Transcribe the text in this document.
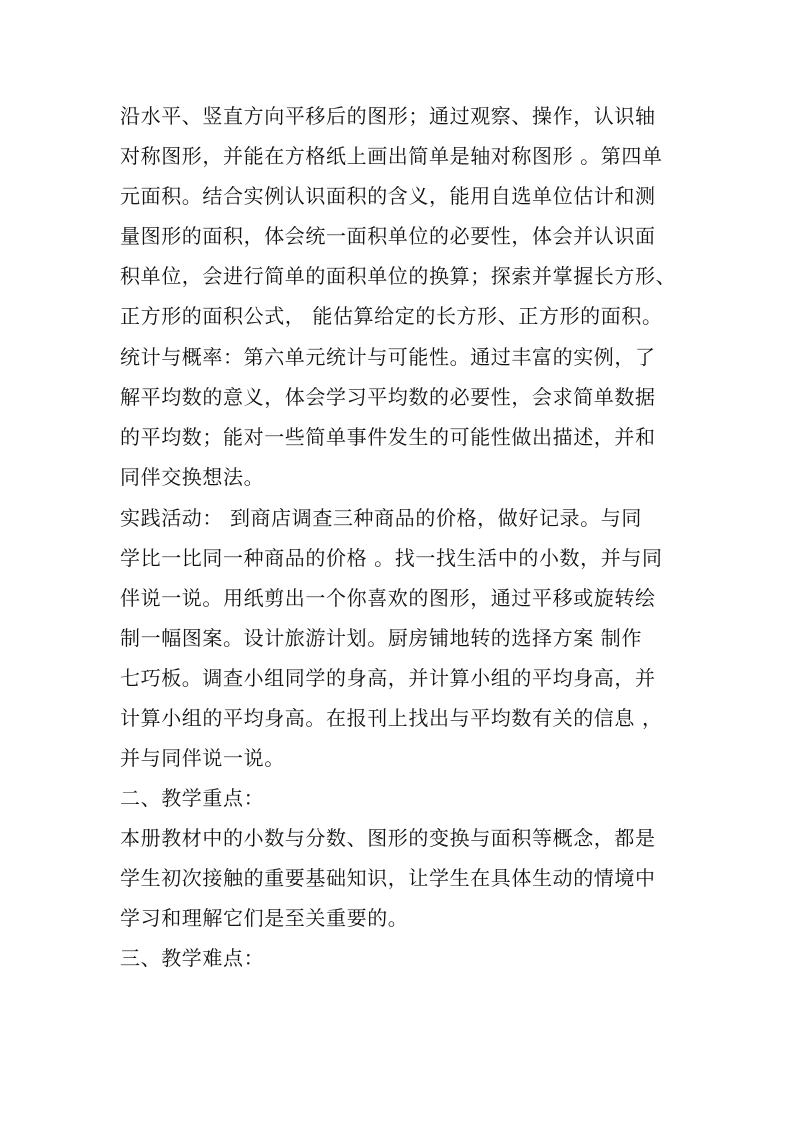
沿水平、竖直方向平移后的图形；通过观察、操作，认识轴
对称图形，并能在方格纸上画出简单是轴对称图形 。第四单
元面积。结合实例认识面积的含义，能用自选单位估计和测
量图形的面积，体会统一面积单位的必要性，体会并认识面
积单位，会进行简单的面积单位的换算；探索并掌握长方形、
正方形的面积公式， 能估算给定的长方形、正方形的面积。
统计与概率：第六单元统计与可能性。通过丰富的实例，了
解平均数的意义，体会学习平均数的必要性，会求简单数据
的平均数；能对一些简单事件发生的可能性做出描述，并和
同伴交换想法。
实践活动： 到商店调查三种商品的价格，做好记录。与同
学比一比同一种商品的价格 。找一找生活中的小数，并与同
伴说一说。用纸剪出一个你喜欢的图形，通过平移或旋转绘
制一幅图案。设计旅游计划。厨房铺地转的选择方案 制作
七巧板。调查小组同学的身高，并计算小组的平均身高，并
计算小组的平均身高。在报刊上找出与平均数有关的信息 ，
并与同伴说一说。
二、教学重点：
本册教材中的小数与分数、图形的变换与面积等概念，都是
学生初次接触的重要基础知识，让学生在具体生动的情境中
学习和理解它们是至关重要的。
三、教学难点：
